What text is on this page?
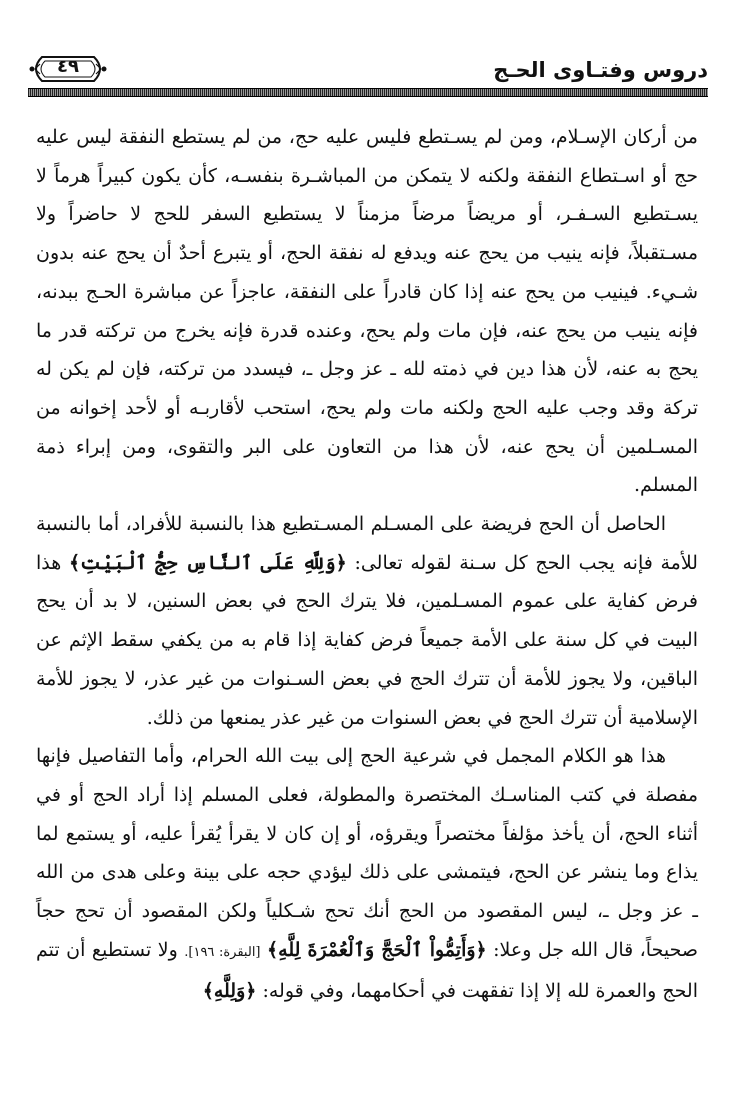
دروس وفتـاوى الحـج
٤٩

من أركان الإسـلام، ومن لم يسـتطع فليس عليه حج، من لم يستطع النفقة ليس عليه حج أو اسـتطاع النفقة ولكنه لا يتمكن من المباشـرة بنفسـه، كأن يكون كبيراً هرماً لا يسـتطيع السـفـر، أو مريضاً مرضاً مزمناً لا يستطيع السفر للحج لا حاضراً ولا مسـتقبلاً، فإنه ينيب من يحج عنه ويدفع له نفقة الحج، أو يتبرع أحدٌ أن يحج عنه بدون شـيء. فينيب من يحج عنه إذا كان قادراً على النفقة، عاجزاً عن مباشرة الحـج ببدنه، فإنه ينيب من يحج عنه، فإن مات ولم يحج، وعنده قدرة فإنه يخرج من تركته قدر ما يحج به عنه، لأن هذا دين في ذمته لله ـ عز وجل ـ، فيسدد من تركته، فإن لم يكن له تركة وقد وجب عليه الحج ولكنه مات ولم يحج، استحب لأقاربـه أو لأحد إخوانه من المسـلمين أن يحج عنه، لأن هذا من التعاون على البر والتقوى، ومن إبراء ذمة المسلم.

الحاصل أن الحج فريضة على المسـلم المسـتطيع هذا بالنسبة للأفراد، أما بالنسبة للأمة فإنه يجب الحج كل سـنة لقوله تعالى: ﴿وَلِلَّهِ عَلَى ٱلنَّاسِ حِجُّ ٱلْبَيْتِ﴾ هذا فرض كفاية على عموم المسـلمين، فلا يترك الحج في بعض السنين، لا بد أن يحج البيت في كل سنة على الأمة جميعاً فرض كفاية إذا قام به من يكفي سقط الإثم عن الباقين، ولا يجوز للأمة أن تترك الحج في بعض السـنوات من غير عذر، لا يجوز للأمة الإسلامية أن تترك الحج في بعض السنوات من غير عذر يمنعها من ذلك.

هذا هو الكلام المجمل في شرعية الحج إلى بيت الله الحرام، وأما التفاصيل فإنها مفصلة في كتب المناسـك المختصرة والمطولة، فعلى المسلم إذا أراد الحج أو في أثناء الحج، أن يأخذ مؤلفاً مختصراً ويقرؤه، أو إن كان لا يقرأ يُقرأ عليه، أو يستمع لما يذاع وما ينشر عن الحج، فيتمشى على ذلك ليؤدي حجه على بينة وعلى هدى من الله ـ عز وجل ـ، ليس المقصود من الحج أنك تحج شـكلياً ولكن المقصود أن تحج حجاً صحيحاً، قال الله جل وعلا: ﴿وَأَتِمُّواْ ٱلْحَجَّ وَٱلْعُمْرَةَ لِلَّهِ﴾ [البقرة: ١٩٦]. ولا تستطيع أن تتم الحج والعمرة لله إلا إذا تفقهت في أحكامهما، وفي قوله: ﴿وَلِلَّهِ﴾
